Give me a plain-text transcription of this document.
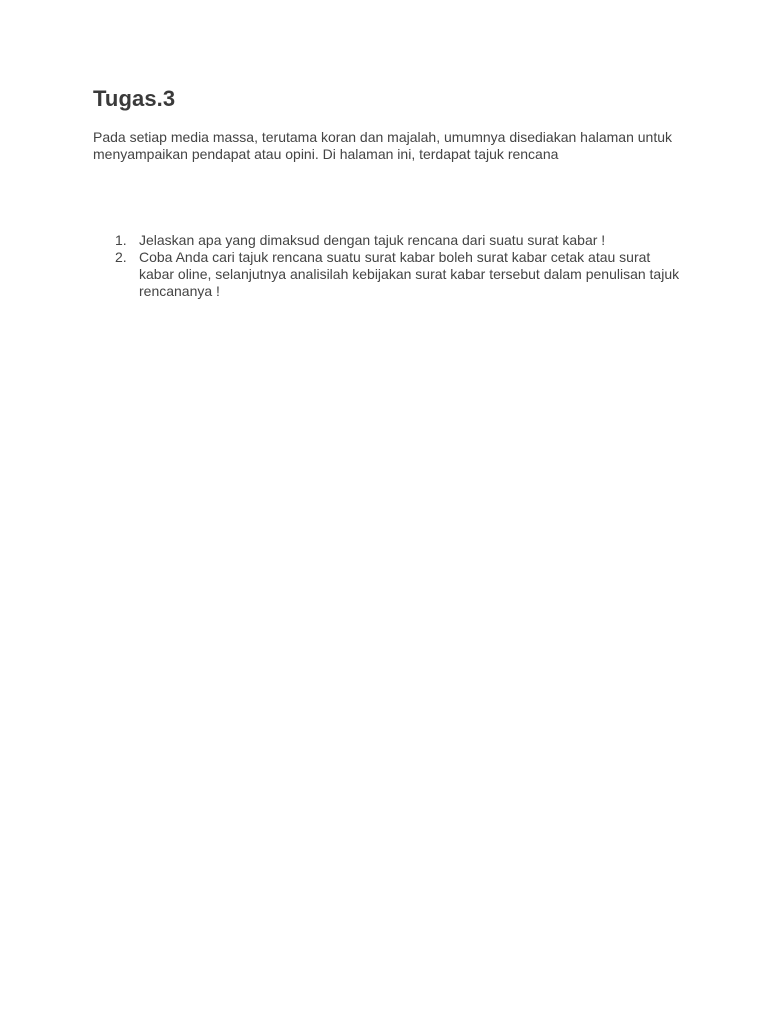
Tugas.3

Pada setiap media massa, terutama koran dan majalah, umumnya disediakan halaman untuk menyampaikan pendapat atau opini. Di halaman ini, terdapat tajuk rencana

1. Jelaskan apa yang dimaksud dengan tajuk rencana dari suatu surat kabar !
2. Coba Anda cari tajuk rencana suatu surat kabar boleh surat kabar cetak atau surat kabar oline, selanjutnya analisilah kebijakan surat kabar tersebut dalam penulisan tajuk rencananya !
